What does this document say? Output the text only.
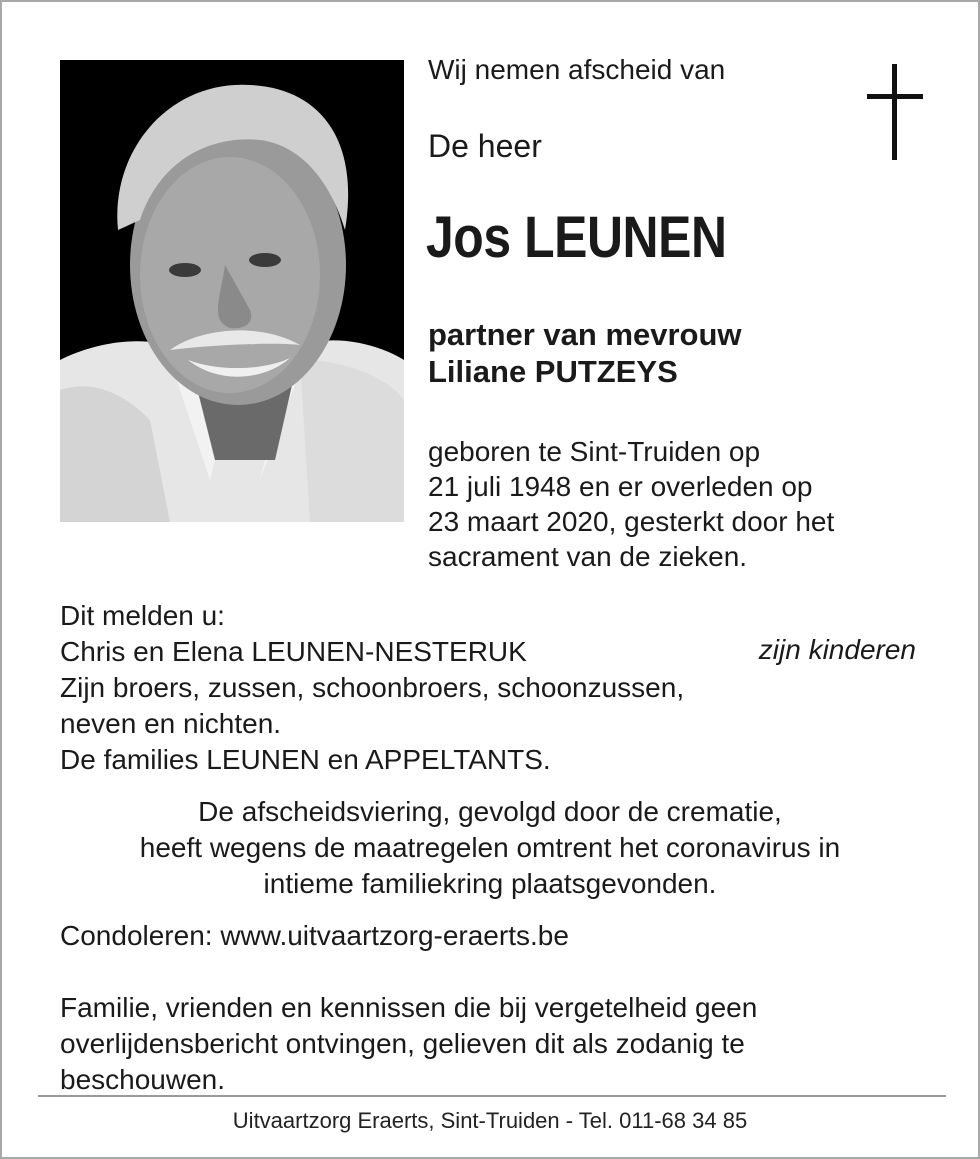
Wij nemen afscheid van

De heer

Jos LEUNEN

partner van mevrouw
Liliane PUTZEYS

geboren te Sint-Truiden op
21 juli 1948 en er overleden op
23 maart 2020, gesterkt door het
sacrament van de zieken.

Dit melden u:
Chris en Elena LEUNEN-NESTERUK
Zijn broers, zussen, schoonbroers, schoonzussen,
neven en nichten.
De families LEUNEN en APPELTANTS.

zijn kinderen

De afscheidsviering, gevolgd door de crematie,
heeft wegens de maatregelen omtrent het coronavirus in
intieme familiekring plaatsgevonden.

Condoleren: www.uitvaartzorg-eraerts.be

Familie, vrienden en kennissen die bij vergetelheid geen
overlijdensbericht ontvingen, gelieven dit als zodanig te
beschouwen.

Uitvaartzorg Eraerts, Sint-Truiden - Tel. 011-68 34 85
